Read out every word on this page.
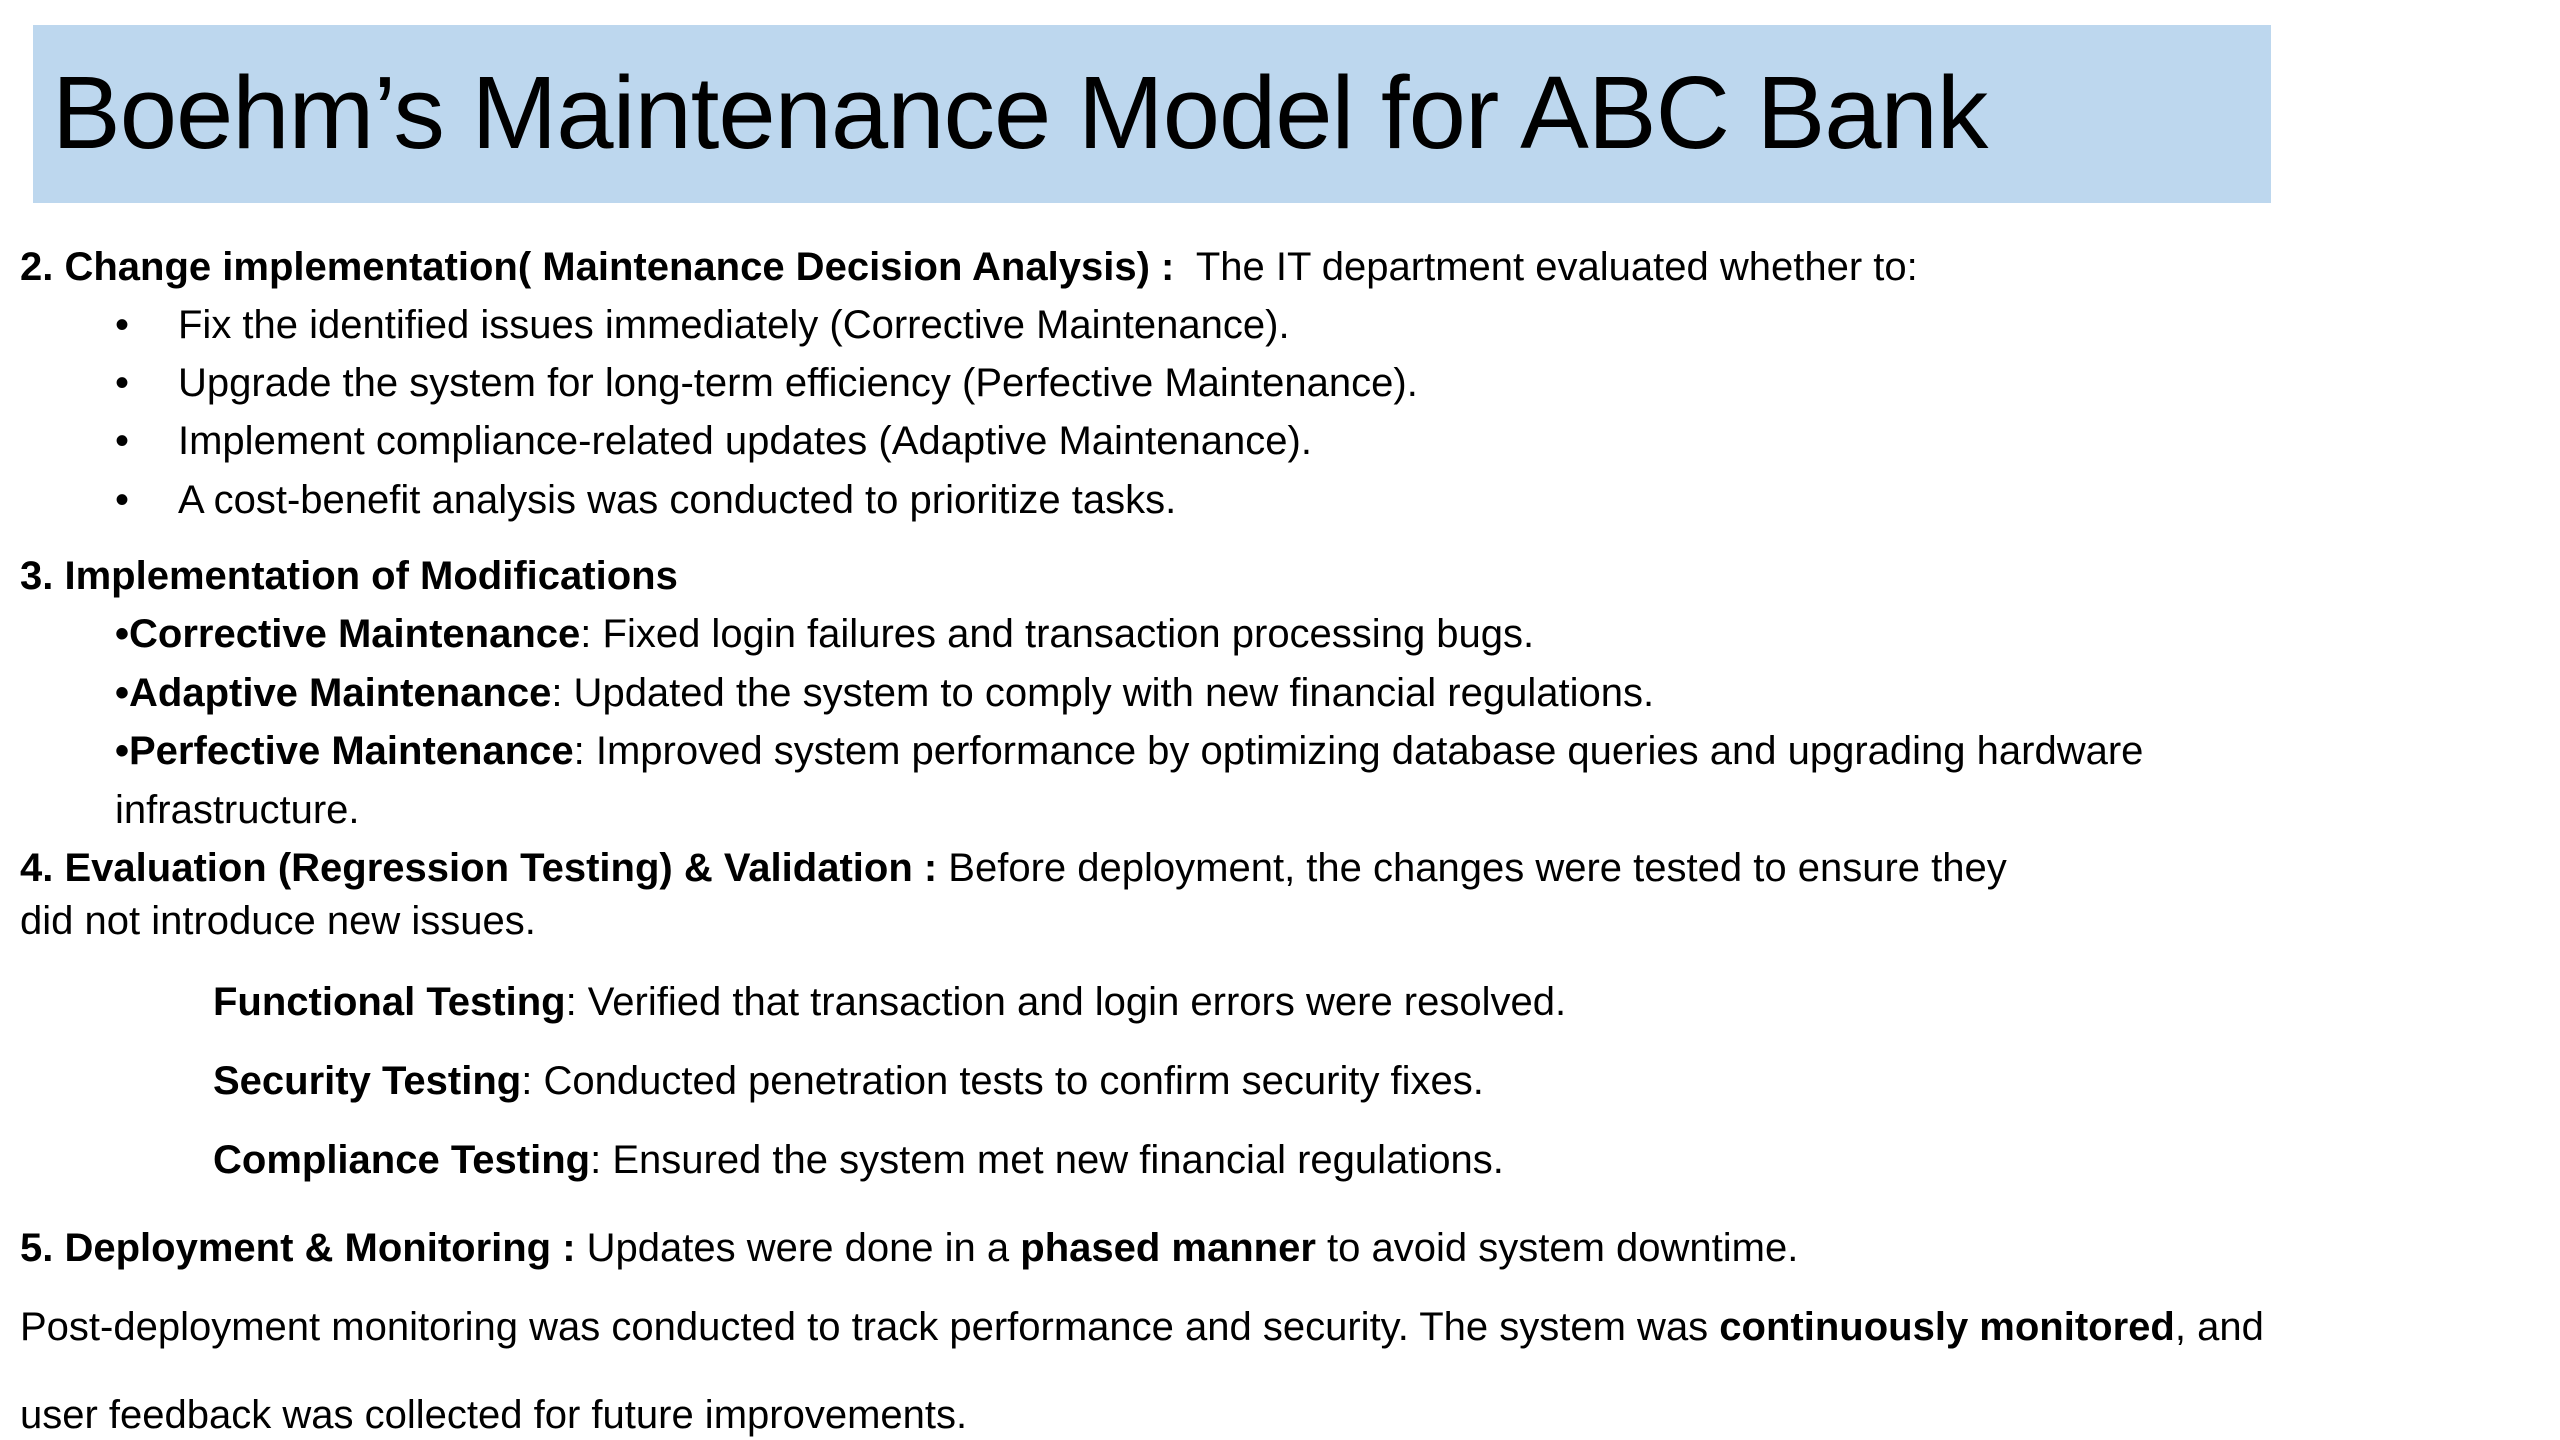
Boehm’s Maintenance Model for ABC Bank
2. Change implementation( Maintenance Decision Analysis) :  The IT department evaluated whether to:
• Fix the identified issues immediately (Corrective Maintenance).
• Upgrade the system for long-term efficiency (Perfective Maintenance).
• Implement compliance-related updates (Adaptive Maintenance).
• A cost-benefit analysis was conducted to prioritize tasks.
3. Implementation of Modifications
•Corrective Maintenance: Fixed login failures and transaction processing bugs.
•Adaptive Maintenance: Updated the system to comply with new financial regulations.
•Perfective Maintenance: Improved system performance by optimizing database queries and upgrading hardware
infrastructure.
4. Evaluation (Regression Testing) & Validation : Before deployment, the changes were tested to ensure they
did not introduce new issues.
Functional Testing: Verified that transaction and login errors were resolved.
Security Testing: Conducted penetration tests to confirm security fixes.
Compliance Testing: Ensured the system met new financial regulations.
5. Deployment & Monitoring : Updates were done in a phased manner to avoid system downtime.
Post-deployment monitoring was conducted to track performance and security. The system was continuously monitored, and
user feedback was collected for future improvements.
